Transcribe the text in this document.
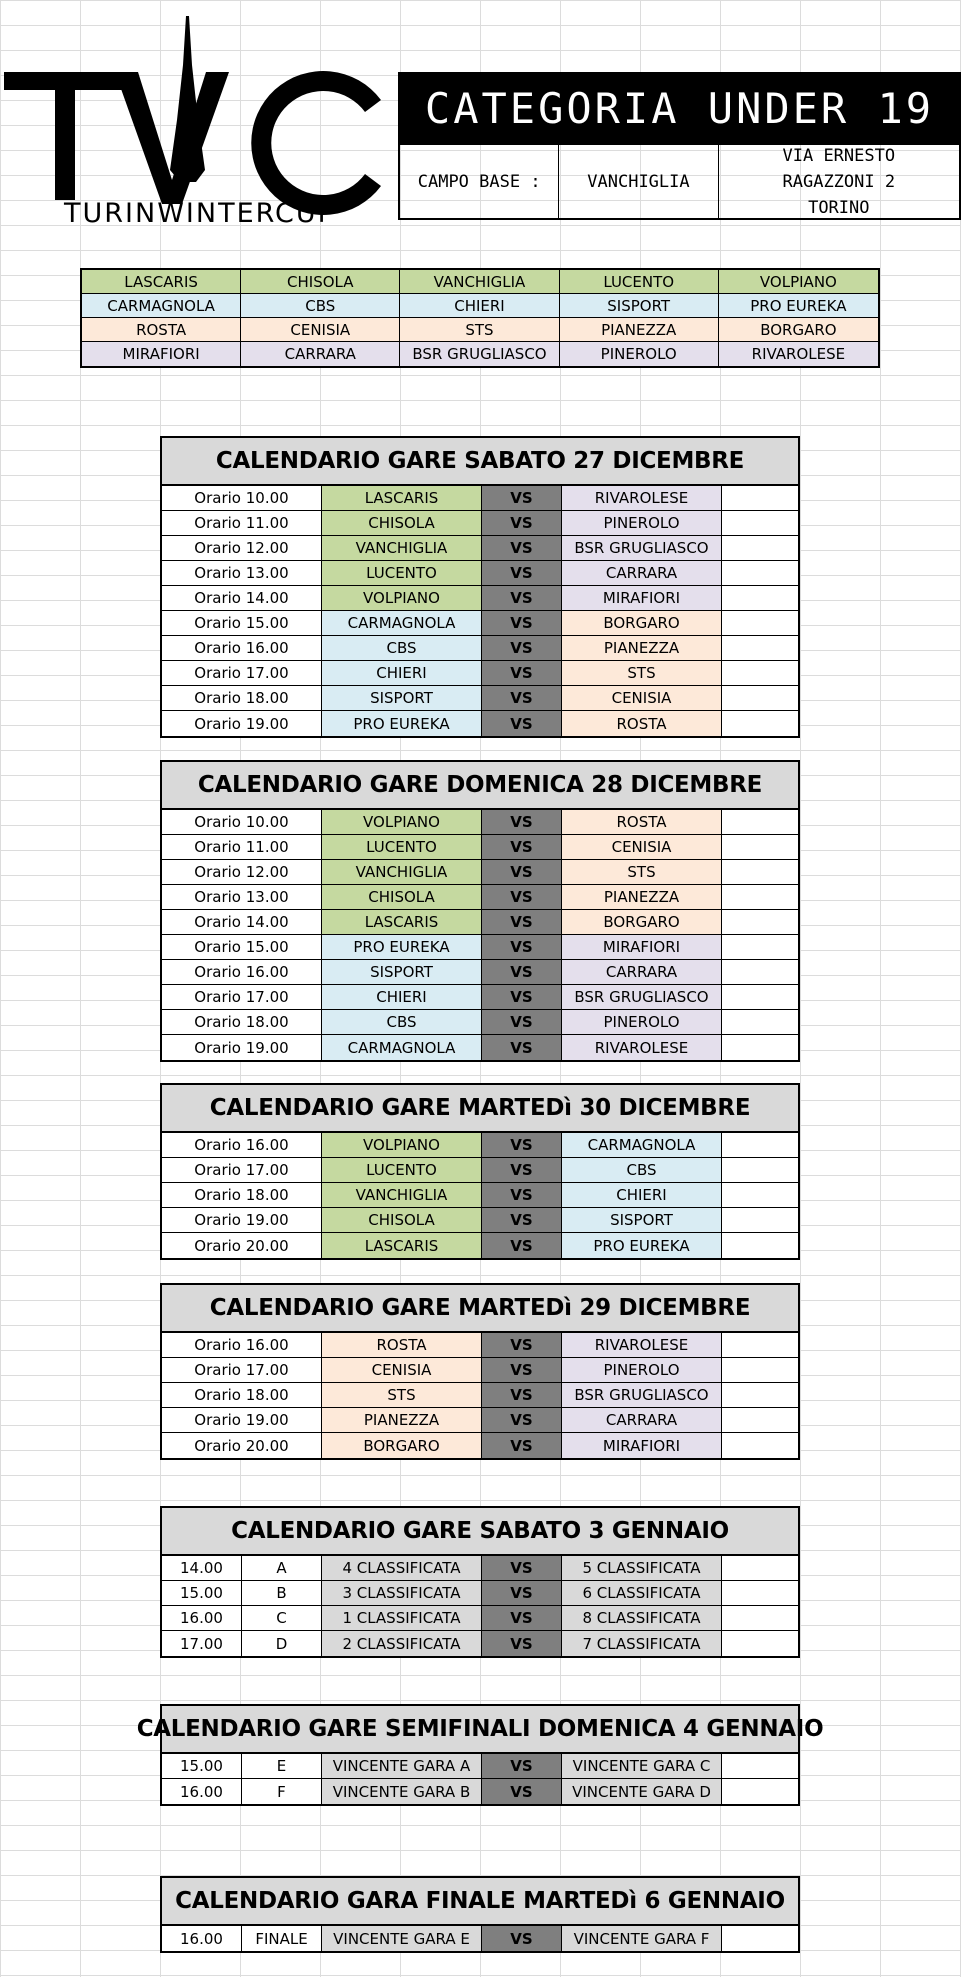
TURINWINTERCUP
CATEGORIA UNDER 19
CAMPO BASE :	VANCHIGLIA
VIA ERNESTO
RAGAZZONI 2
TORINO
LASCARIS	CHISOLA	VANCHIGLIA	LUCENTO	VOLPIANO
CARMAGNOLA	CBS	CHIERI	SISPORT	PRO EUREKA
ROSTA	CENISIA	STS	PIANEZZA	BORGARO
MIRAFIORI	CARRARA	BSR GRUGLIASCO	PINEROLO	RIVAROLESE
CALENDARIO GARE SABATO 27 DICEMBRE
Orario 10.00	LASCARIS	VS	RIVAROLESE
Orario 11.00	CHISOLA	VS	PINEROLO
Orario 12.00	VANCHIGLIA	VS	BSR GRUGLIASCO
Orario 13.00	LUCENTO	VS	CARRARA
Orario 14.00	VOLPIANO	VS	MIRAFIORI
Orario 15.00	CARMAGNOLA	VS	BORGARO
Orario 16.00	CBS	VS	PIANEZZA
Orario 17.00	CHIERI	VS	STS
Orario 18.00	SISPORT	VS	CENISIA
Orario 19.00	PRO EUREKA	VS	ROSTA
CALENDARIO GARE DOMENICA 28 DICEMBRE
Orario 10.00	VOLPIANO	VS	ROSTA
Orario 11.00	LUCENTO	VS	CENISIA
Orario 12.00	VANCHIGLIA	VS	STS
Orario 13.00	CHISOLA	VS	PIANEZZA
Orario 14.00	LASCARIS	VS	BORGARO
Orario 15.00	PRO EUREKA	VS	MIRAFIORI
Orario 16.00	SISPORT	VS	CARRARA
Orario 17.00	CHIERI	VS	BSR GRUGLIASCO
Orario 18.00	CBS	VS	PINEROLO
Orario 19.00	CARMAGNOLA	VS	RIVAROLESE
CALENDARIO GARE MARTEDì 30 DICEMBRE
Orario 16.00	VOLPIANO	VS	CARMAGNOLA
Orario 17.00	LUCENTO	VS	CBS
Orario 18.00	VANCHIGLIA	VS	CHIERI
Orario 19.00	CHISOLA	VS	SISPORT
Orario 20.00	LASCARIS	VS	PRO EUREKA
CALENDARIO GARE MARTEDì 29 DICEMBRE
Orario 16.00	ROSTA	VS	RIVAROLESE
Orario 17.00	CENISIA	VS	PINEROLO
Orario 18.00	STS	VS	BSR GRUGLIASCO
Orario 19.00	PIANEZZA	VS	CARRARA
Orario 20.00	BORGARO	VS	MIRAFIORI
CALENDARIO GARE SABATO 3 GENNAIO
14.00	A	4 CLASSIFICATA	VS	5 CLASSIFICATA
15.00	B	3 CLASSIFICATA	VS	6 CLASSIFICATA
16.00	C	1 CLASSIFICATA	VS	8 CLASSIFICATA
17.00	D	2 CLASSIFICATA	VS	7 CLASSIFICATA
CALENDARIO GARE SEMIFINALI DOMENICA 4 GENNAIO
15.00	E	VINCENTE GARA A	VS	VINCENTE GARA C
16.00	F	VINCENTE GARA B	VS	VINCENTE GARA D
CALENDARIO GARA FINALE MARTEDì 6 GENNAIO
16.00	FINALE	VINCENTE GARA E	VS	VINCENTE GARA F
